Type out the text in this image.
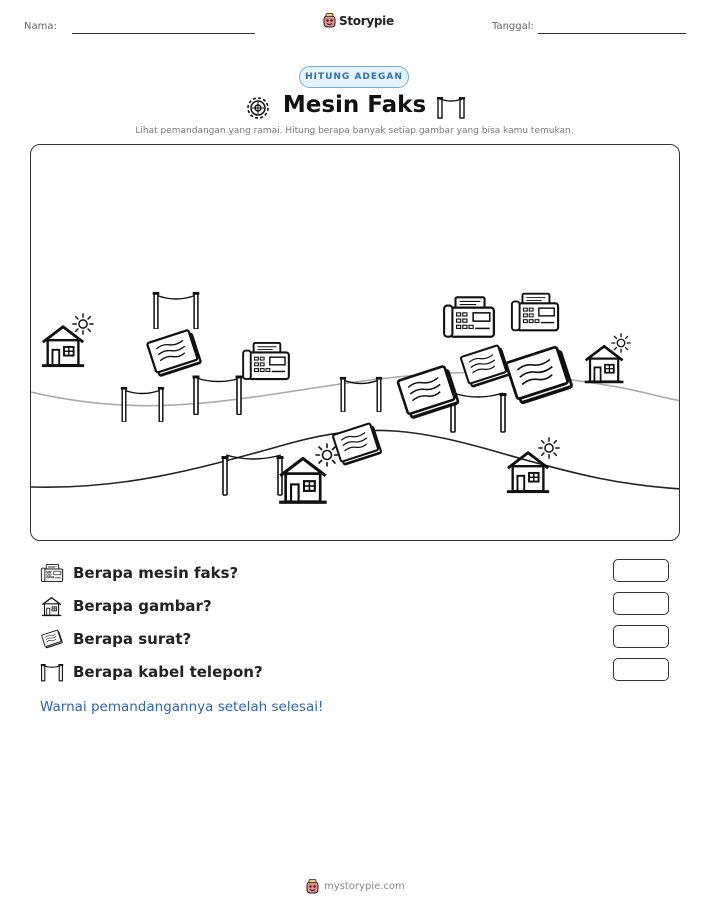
Nama:	Storypie	Tanggal:
HITUNG ADEGAN
Mesin Faks
Lihat pemandangan yang ramai. Hitung berapa banyak setiap gambar yang bisa kamu temukan.
Berapa mesin faks?
Berapa gambar?
Berapa surat?
Berapa kabel telepon?
Warnai pemandangannya setelah selesai!
mystorypie.com
